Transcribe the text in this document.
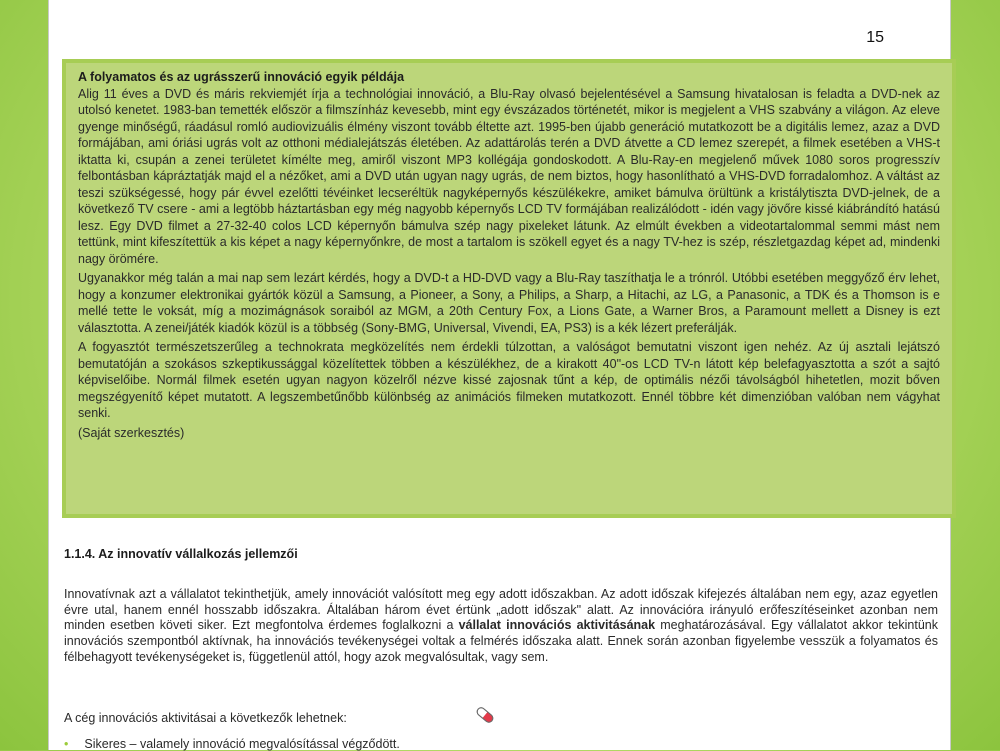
15
A folyamatos és az ugrásszerű innováció egyik példája

Alig 11 éves a DVD és máris rekviemjét írja a technológiai innováció, a Blu-Ray olvasó bejelentésével a Samsung hivatalosan is feladta a DVD-nek az utolsó kenetet. 1983-ban temették először a filmszínház kevesebb, mint egy évszázados történetét, mikor is megjelent a VHS szabvány a világon. Az eleve gyenge minőségű, ráadásul romló audiovizuális élmény viszont tovább éltette azt. 1995-ben újabb generáció mutatkozott be a digitális lemez, azaz a DVD formájában, ami óriási ugrás volt az otthoni médialejátszás életében. Az adattárolás terén a DVD átvette a CD lemez szerepét, a filmek esetében a VHS-t iktatta ki, csupán a zenei területet kímélte meg, amiről viszont MP3 kollégája gondoskodott. A Blu-Ray-en megjelenő művek 1080 soros progresszív felbontásban kápráztatják majd el a nézőket, ami a DVD után ugyan nagy ugrás, de nem biztos, hogy hasonlítható a VHS-DVD forradalomhoz. A váltást az teszi szükségessé, hogy pár évvel ezelőtti tévéinket lecseréltük nagyképernyős készülékekre, amiket bámulva örültünk a kristálytiszta DVD-jelnek, de a következő TV csere - ami a legtöbb háztartásban egy még nagyobb képernyős LCD TV formájában realizálódott - idén vagy jövőre kissé kiábrándító hatású lesz. Egy DVD filmet a 27-32-40 colos LCD képernyőn bámulva szép nagy pixeleket látunk. Az elmúlt években a videotartalommal semmi mást nem tettünk, mint kifeszítettük a kis képet a nagy képernyőnkre, de most a tartalom is szökell egyet és a nagy TV-hez is szép, részletgazdag képet ad, mindenki nagy örömére.

Ugyanakkor még talán a mai nap sem lezárt kérdés, hogy a DVD-t a HD-DVD vagy a Blu-Ray taszíthatja le a trónról. Utóbbi esetében meggyőző érv lehet, hogy a konzumer elektronikai gyártók közül a Samsung, a Pioneer, a Sony, a Philips, a Sharp, a Hitachi, az LG, a Panasonic, a TDK és a Thomson is e mellé tette le voksát, míg a mozimágnások soraiból az MGM, a 20th Century Fox, a Lions Gate, a Warner Bros, a Paramount mellett a Disney is ezt választotta. A zenei/játék kiadók közül is a többség (Sony-BMG, Universal, Vivendi, EA, PS3) is a kék lézert preferálják.

A fogyasztót természetszerűleg a technokrata megközelítés nem érdekli túlzottan, a valóságot bemutatni viszont igen nehéz. Az új asztali lejátszó bemutatóján a szokásos szkeptikussággal közelítettek többen a készülékhez, de a kirakott 40"-os LCD TV-n látott kép belefagyasztotta a szót a sajtó képviselőibe. Normál filmek esetén ugyan nagyon közelről nézve kissé zajosnak tűnt a kép, de optimális nézői távolságból hihetetlen, mozit bőven megszégyenítő képet mutatott. A legszembetűnőbb különbség az animációs filmeken mutatkozott. Ennél többre két dimenzióban valóban nem vágyhat senki.

(Saját szerkesztés)

1.1.4. Az innovatív vállalkozás jellemzői

Innovatívnak azt a vállalatot tekinthetjük, amely innovációt valósított meg egy adott időszakban. Az adott időszak kifejezés általában nem egy, azaz egyetlen évre utal, hanem ennél hosszabb időszakra. Általában három évet értünk „adott időszak" alatt. Az innovációra irányuló erőfeszítéseinket azonban nem minden esetben követi siker. Ezt megfontolva érdemes foglalkozni a vállalat innovációs aktivitásának meghatározásával. Egy vállalatot akkor tekintünk innovációs szempontból aktívnak, ha innovációs tevékenységei voltak a felmérés időszaka alatt. Ennek során azonban figyelembe vesszük a folyamatos és félbehagyott tevékenységeket is, függetlenül attól, hogy azok megvalósultak, vagy sem.

A cég innovációs aktivitásai a következők lehetnek:
• Sikeres – valamely innováció megvalósítással végződött.
